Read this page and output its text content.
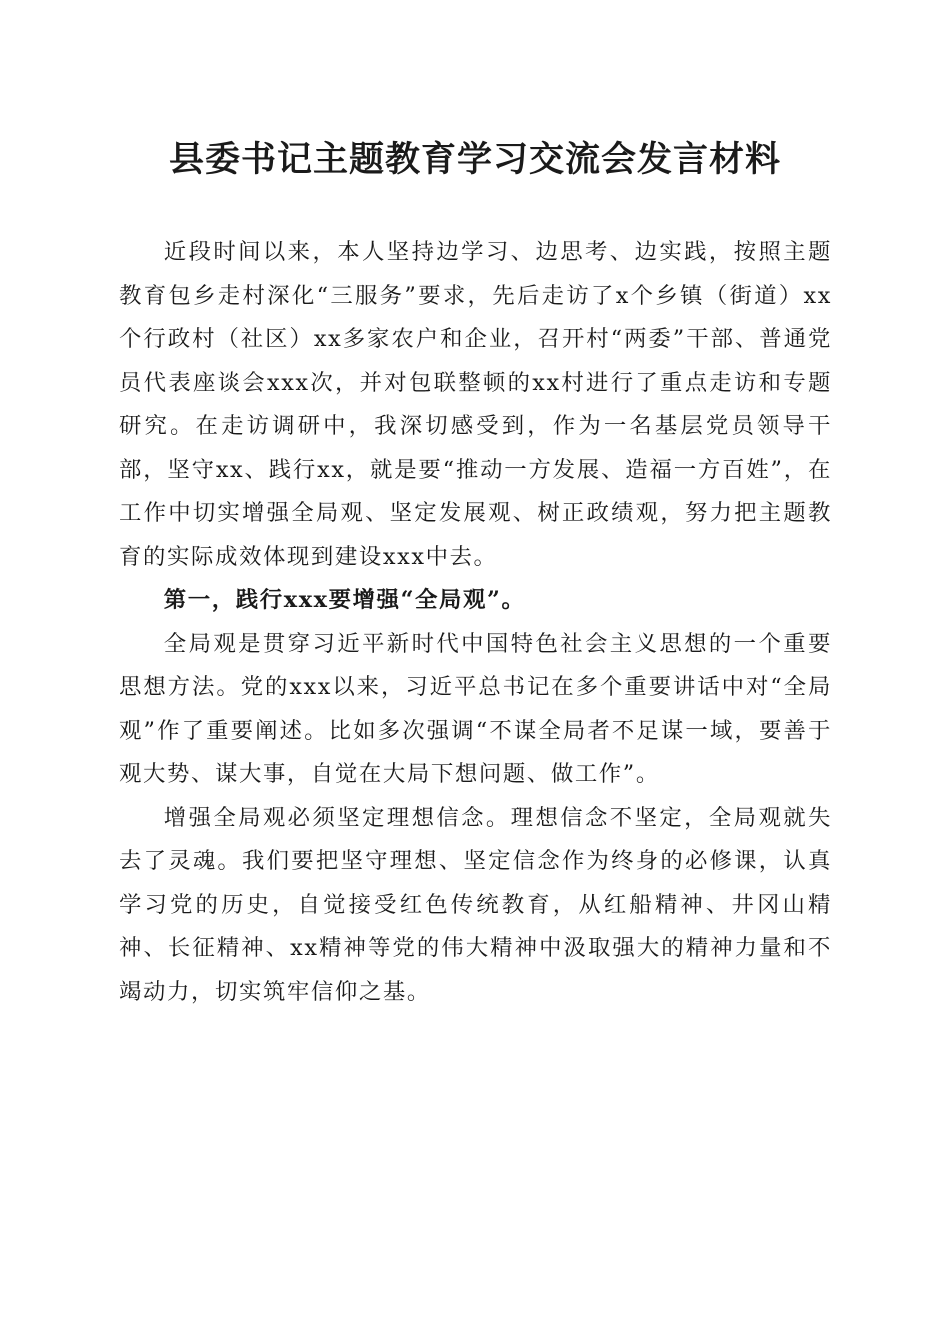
县委书记主题教育学习交流会发言材料

近段时间以来，本人坚持边学习、边思考、边实践，按照主题教育包乡走村深化“三服务”要求，先后走访了x个乡镇（街道）xx个行政村（社区）xx多家农户和企业，召开村“两委”干部、普通党员代表座谈会xxx次，并对包联整顿的xx村进行了重点走访和专题研究。在走访调研中，我深切感受到，作为一名基层党员领导干部，坚守xx、践行xx，就是要“推动一方发展、造福一方百姓”，在工作中切实增强全局观、坚定发展观、树正政绩观，努力把主题教育的实际成效体现到建设xxx中去。

第一，践行xxx要增强“全局观”。

全局观是贯穿习近平新时代中国特色社会主义思想的一个重要思想方法。党的xxx以来，习近平总书记在多个重要讲话中对“全局观”作了重要阐述。比如多次强调“不谋全局者不足谋一域，要善于观大势、谋大事，自觉在大局下想问题、做工作”。

增强全局观必须坚定理想信念。理想信念不坚定，全局观就失去了灵魂。我们要把坚守理想、坚定信念作为终身的必修课，认真学习党的历史，自觉接受红色传统教育，从红船精神、井冈山精神、长征精神、xx精神等党的伟大精神中汲取强大的精神力量和不竭动力，切实筑牢信仰之基。
